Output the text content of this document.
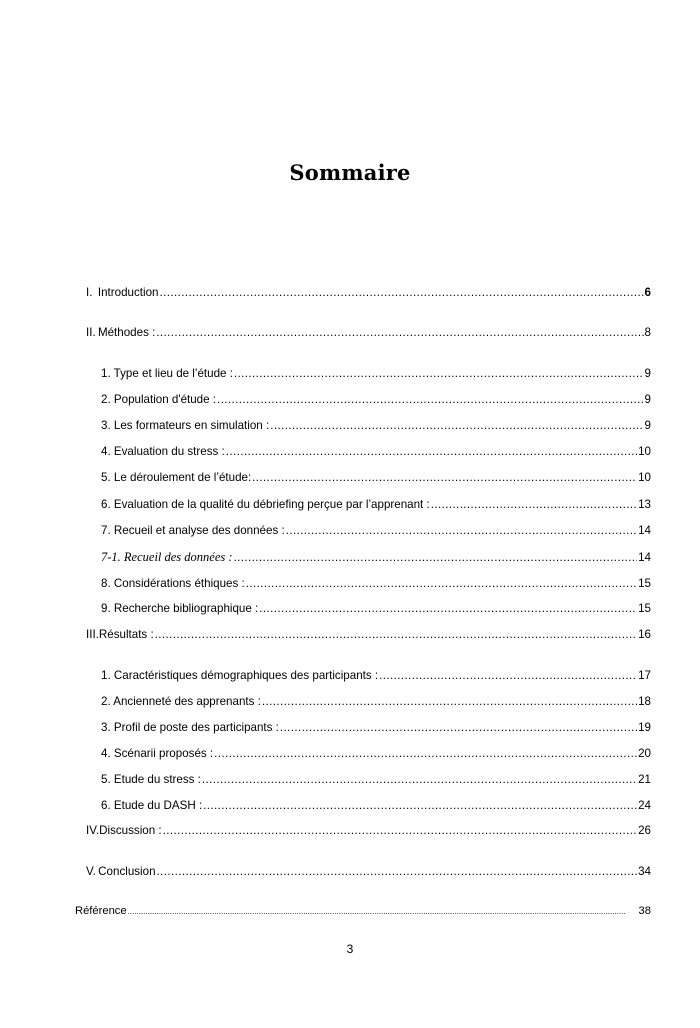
Sommaire
I. Introduction .....	6
II. Méthodes : .....	8
1. Type et lieu de l’étude : .....	9
2. Population d'étude : .....	9
3. Les formateurs en simulation : .....	9
4. Evaluation du stress : .....	10
5. Le déroulement de l’étude: .....	10
6. Evaluation de la qualité du débriefing perçue par l’apprenant : .....	13
7. Recueil et analyse des données : .....	14
7-1. Recueil des données : .....	14
8. Considérations éthiques : .....	15
9. Recherche bibliographique : .....	15
III. Résultats : .....	16
1. Caractéristiques démographiques des participants : .....	17
2. Ancienneté des apprenants : .....	18
3. Profil de poste des participants : .....	19
4. Scénarii proposés : .....	20
5. Etude du stress : .....	21
6. Etude du DASH : .....	24
IV. Discussion : .....	26
V. Conclusion .....	34
Référence .....	38
3
